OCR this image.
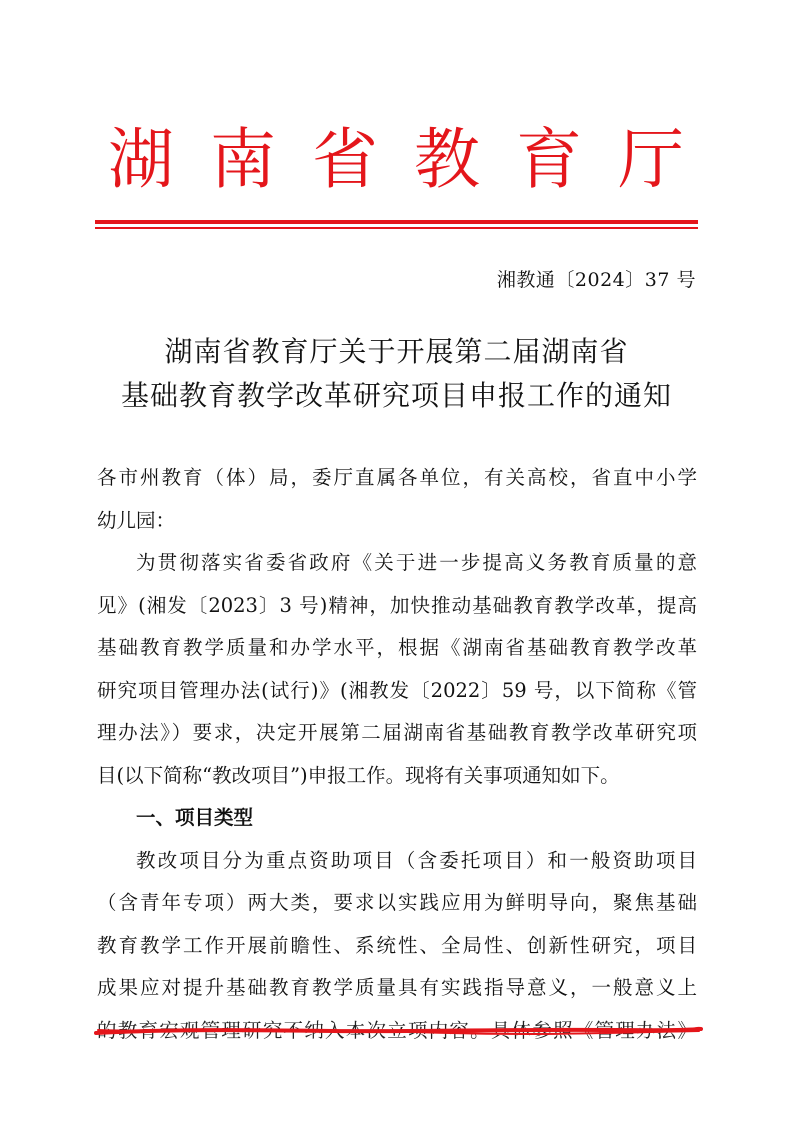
湖 南 省 教 育 厅
湘教通〔2024〕37 号
湖南省教育厅关于开展第二届湖南省
基础教育教学改革研究项目申报工作的通知
各市州教育（体）局，委厅直属各单位，有关高校，省直中小学
幼儿园：
为贯彻落实省委省政府《关于进一步提高义务教育质量的意
见》(湘发〔2023〕3 号)精神，加快推动基础教育教学改革，提高
基础教育教学质量和办学水平，根据《湖南省基础教育教学改革
研究项目管理办法(试行)》(湘教发〔2022〕59 号，以下简称《管
理办法》）要求，决定开展第二届湖南省基础教育教学改革研究项
目(以下简称“教改项目”)申报工作。现将有关事项通知如下。
一、项目类型
教改项目分为重点资助项目（含委托项目）和一般资助项目
（含青年专项）两大类，要求以实践应用为鲜明导向，聚焦基础
教育教学工作开展前瞻性、系统性、全局性、创新性研究，项目
成果应对提升基础教育教学质量具有实践指导意义，一般意义上
的教育宏观管理研究不纳入本次立项内容。具体参照《管理办法》
